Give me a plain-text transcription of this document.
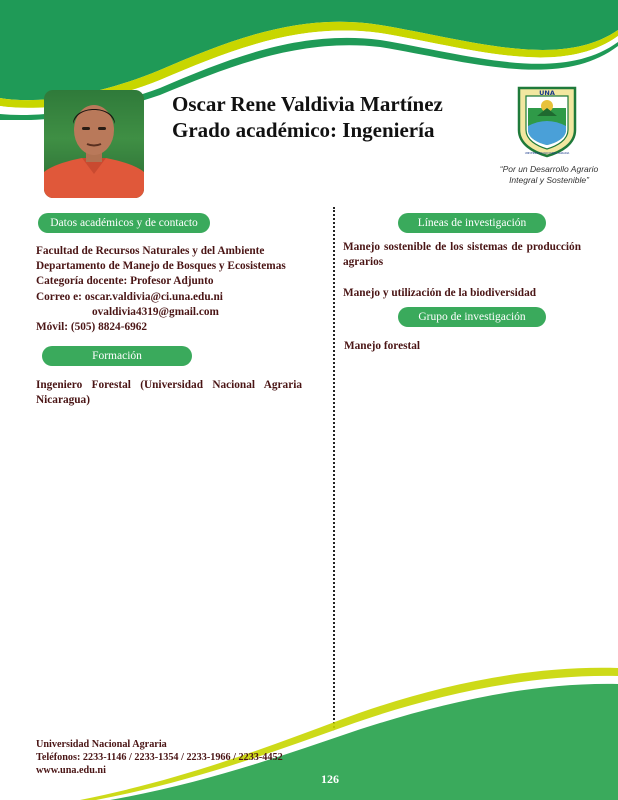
Oscar Rene Valdivia Martínez
Grado académico: Ingeniería
UNA
UNIVERSIDAD NACIONAL AGRARIA
“Por un Desarrollo Agrario
Integral y Sostenible”
Datos académicos y de contacto
Facultad de Recursos Naturales y del Ambiente
Departamento de Manejo de Bosques y Ecosistemas
Categoría docente: Profesor Adjunto
Correo e: oscar.valdivia@ci.una.edu.ni
ovaldivia4319@gmail.com
Móvil: (505) 8824-6962
Formación
Ingeniero Forestal (Universidad Nacional Agraria Nicaragua)
Líneas de investigación
Manejo sostenible de los sistemas de producción agrarios
Manejo y utilización de la biodiversidad
Grupo de investigación
Manejo forestal
Universidad Nacional Agraria
Teléfonos: 2233-1146 / 2233-1354 / 2233-1966 / 2233-4452
www.una.edu.ni
126
